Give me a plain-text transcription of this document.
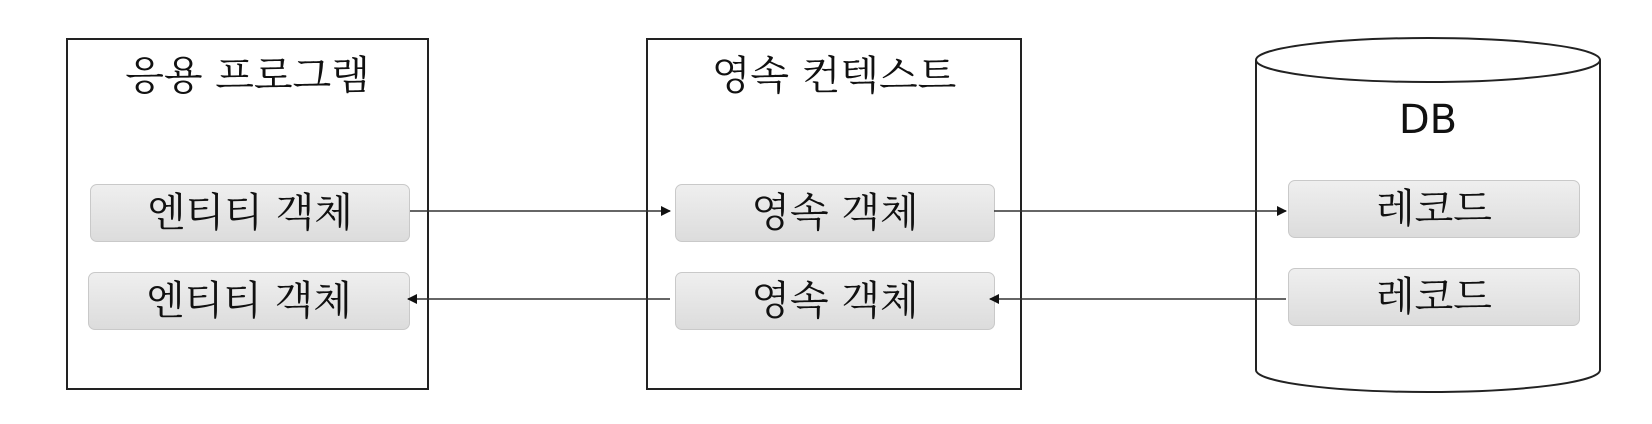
응용 프로그램
엔티티 객체
엔티티 객체
영속 컨텍스트
영속 객체
영속 객체
DB
레코드
레코드
